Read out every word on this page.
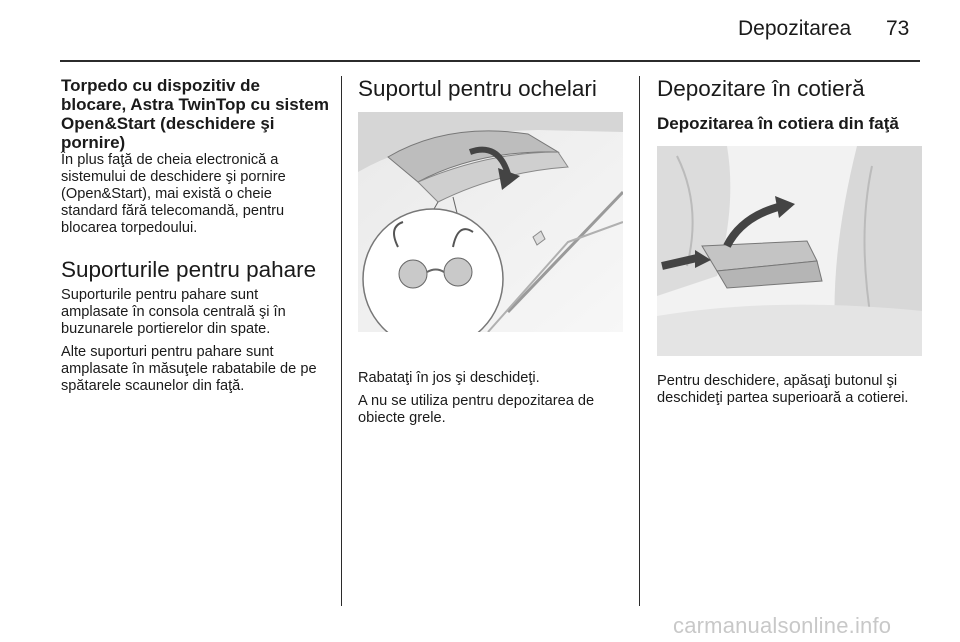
Depozitarea 73
Torpedo cu dispozitiv de blocare, Astra TwinTop cu sistem Open&Start (deschidere şi pornire)

În plus faţă de cheia electronică a sistemului de deschidere şi pornire (Open&Start), mai există o cheie standard fără telecomandă, pentru blocarea torpedoului.

Suporturile pentru pahare

Suporturile pentru pahare sunt amplasate în consola centrală şi în buzunarele portierelor din spate.

Alte suporturi pentru pahare sunt amplasate în măsuţele rabatabile de pe spătarele scaunelor din faţă.

Suportul pentru ochelari

Rabataţi în jos şi deschideţi.

A nu se utiliza pentru depozitarea de obiecte grele.

Depozitare în cotieră
Depozitarea în cotiera din faţă

Pentru deschidere, apăsaţi butonul şi deschideţi partea superioară a cotierei.

carmanualsonline.info
